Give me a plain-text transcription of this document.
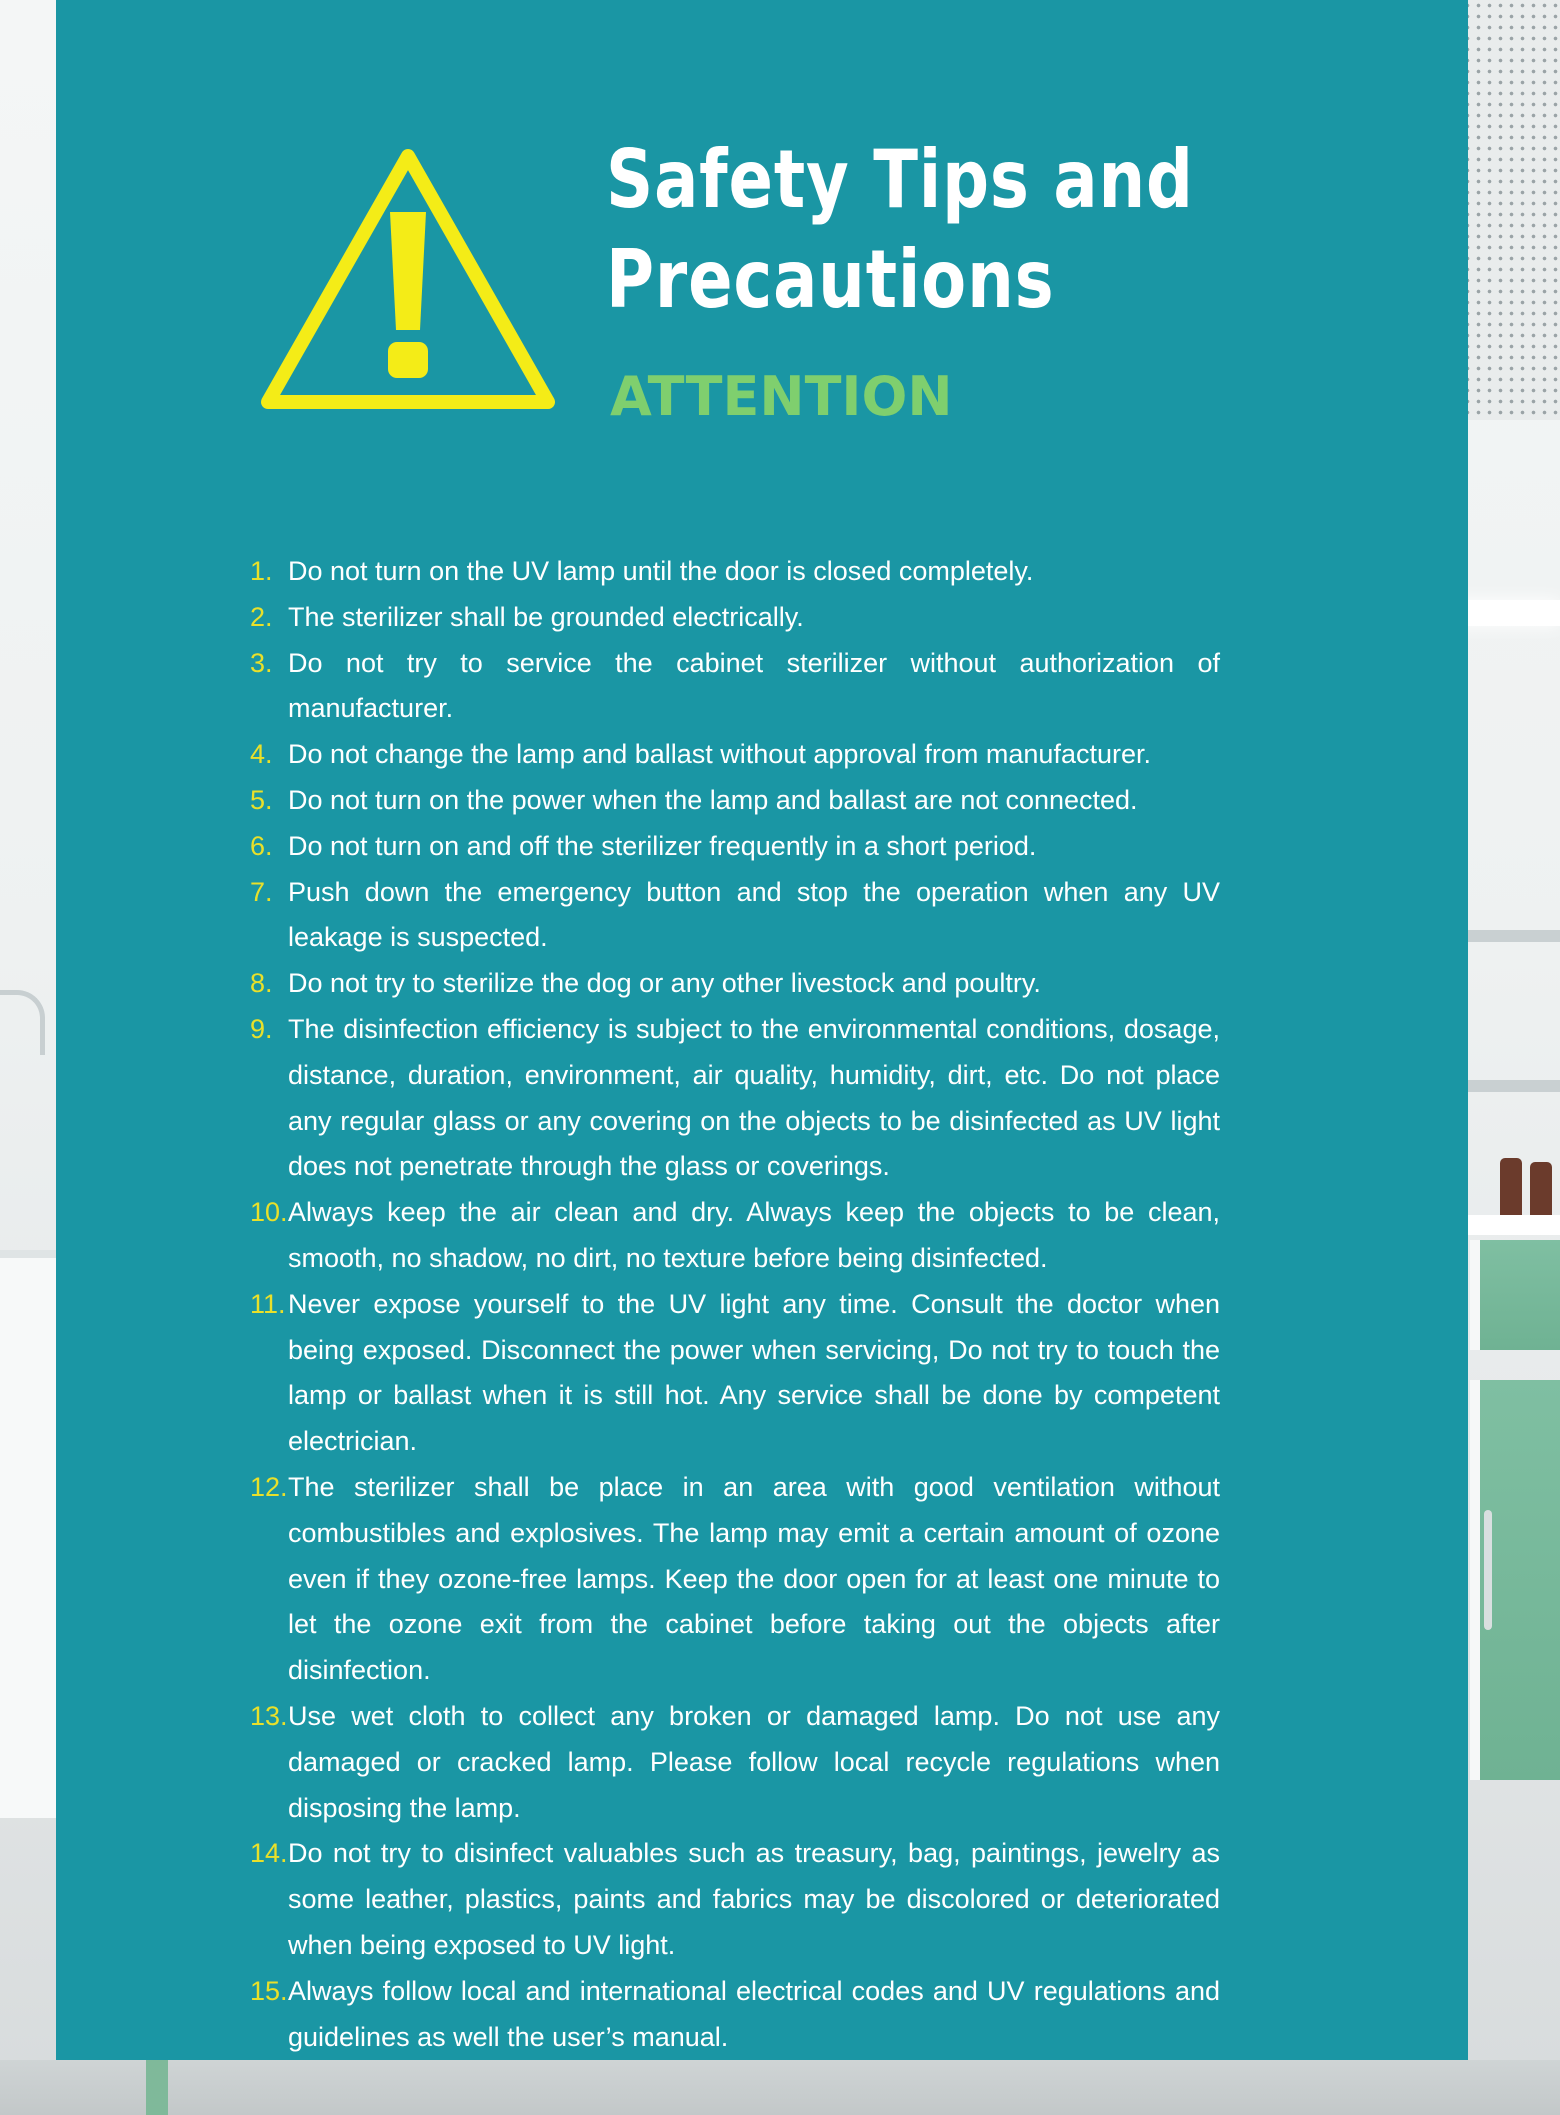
Safety Tips and
Precautions
ATTENTION
1. Do not turn on the UV lamp until the door is closed completely.
2. The sterilizer shall be grounded electrically.
3. Do not try to service the cabinet sterilizer without authorization of manufacturer.
4. Do not change the lamp and ballast without approval from manufacturer.
5. Do not turn on the power when the lamp and ballast are not connected.
6. Do not turn on and off the sterilizer frequently in a short period.
7. Push down the emergency button and stop the operation when any UV leakage is suspected.
8. Do not try to sterilize the dog or any other livestock and poultry.
9. The disinfection efficiency is subject to the environmental conditions, dosage, distance, duration, environment, air quality, humidity, dirt, etc. Do not place any regular glass or any covering on the objects to be disinfected as UV light does not penetrate through the glass or coverings.
10. Always keep the air clean and dry. Always keep the objects to be clean, smooth, no shadow, no dirt, no texture before being disinfected.
11. Never expose yourself to the UV light any time. Consult the doctor when being exposed. Disconnect the power when servicing, Do not try to touch the lamp or ballast when it is still hot. Any service shall be done by competent electrician.
12. The sterilizer shall be place in an area with good ventilation without combustibles and explosives. The lamp may emit a certain amount of ozone even if they ozone-free lamps. Keep the door open for at least one minute to let the ozone exit from the cabinet before taking out the objects after disinfection.
13. Use wet cloth to collect any broken or damaged lamp. Do not use any damaged or cracked lamp. Please follow local recycle regulations when disposing the lamp.
14. Do not try to disinfect valuables such as treasury, bag, paintings, jewelry as some leather, plastics, paints and fabrics may be discolored or deteriorated when being exposed to UV light.
15. Always follow local and international electrical codes and UV regulations and guidelines as well the user’s manual.
